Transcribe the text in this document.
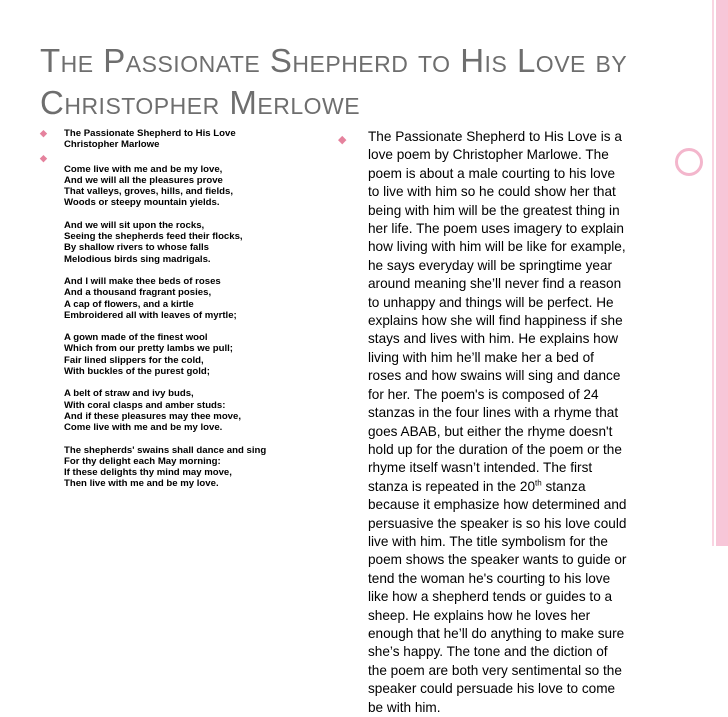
The Passionate Shepherd to His Love by
Christopher Merlowe
◆ The Passionate Shepherd to His Love
Christopher Marlowe
◆
Come live with me and be my love,
And we will all the pleasures prove
That valleys, groves, hills, and fields,
Woods or steepy mountain yields.
And we will sit upon the rocks,
Seeing the shepherds feed their flocks,
By shallow rivers to whose falls
Melodious birds sing madrigals.
And I will make thee beds of roses
And a thousand fragrant posies,
A cap of flowers, and a kirtle
Embroidered all with leaves of myrtle;
A gown made of the finest wool
Which from our pretty lambs we pull;
Fair lined slippers for the cold,
With buckles of the purest gold;
A belt of straw and ivy buds,
With coral clasps and amber studs:
And if these pleasures may thee move,
Come live with me and be my love.
The shepherds' swains shall dance and sing
For thy delight each May morning:
If these delights thy mind may move,
Then live with me and be my love.
◆ The Passionate Shepherd to His Love is a love poem by Christopher Marlowe. The poem is about a male courting to his love to live with him so he could show her that being with him will be the greatest thing in her life. The poem uses imagery to explain how living with him will be like for example, he says everyday will be springtime year around meaning she’ll never find a reason to unhappy and things will be perfect. He explains how she will find happiness if she stays and lives with him. He explains how living with him he’ll make her a bed of roses and how swains will sing and dance for her. The poem's is composed of 24 stanzas in the four lines with a rhyme that goes ABAB, but either the rhyme doesn't hold up for the duration of the poem or the rhyme itself wasn’t intended. The first stanza is repeated in the 20th stanza because it emphasize how determined and persuasive the speaker is so his love could live with him. The title symbolism for the poem shows the speaker wants to guide or tend the woman he's courting to his love like how a shepherd tends or guides to a sheep. He explains how he loves her enough that he’ll do anything to make sure she’s happy. The tone and the diction of the poem are both very sentimental so the speaker could persuade his love to come be with him.
